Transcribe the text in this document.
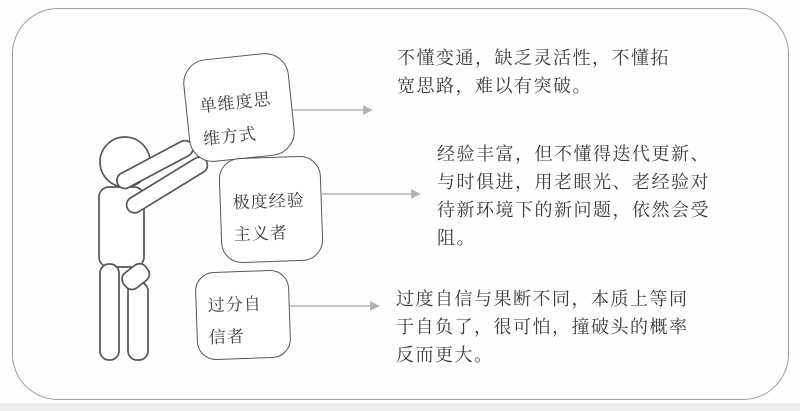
单维度思
维方式
极度经验
主义者
过分自
信者
不懂变通，缺乏灵活性，不懂拓
宽思路，难以有突破。
经验丰富，但不懂得迭代更新、
与时俱进，用老眼光、老经验对
待新环境下的新问题，依然会受
阻。
过度自信与果断不同，本质上等同
于自负了，很可怕，撞破头的概率
反而更大。
